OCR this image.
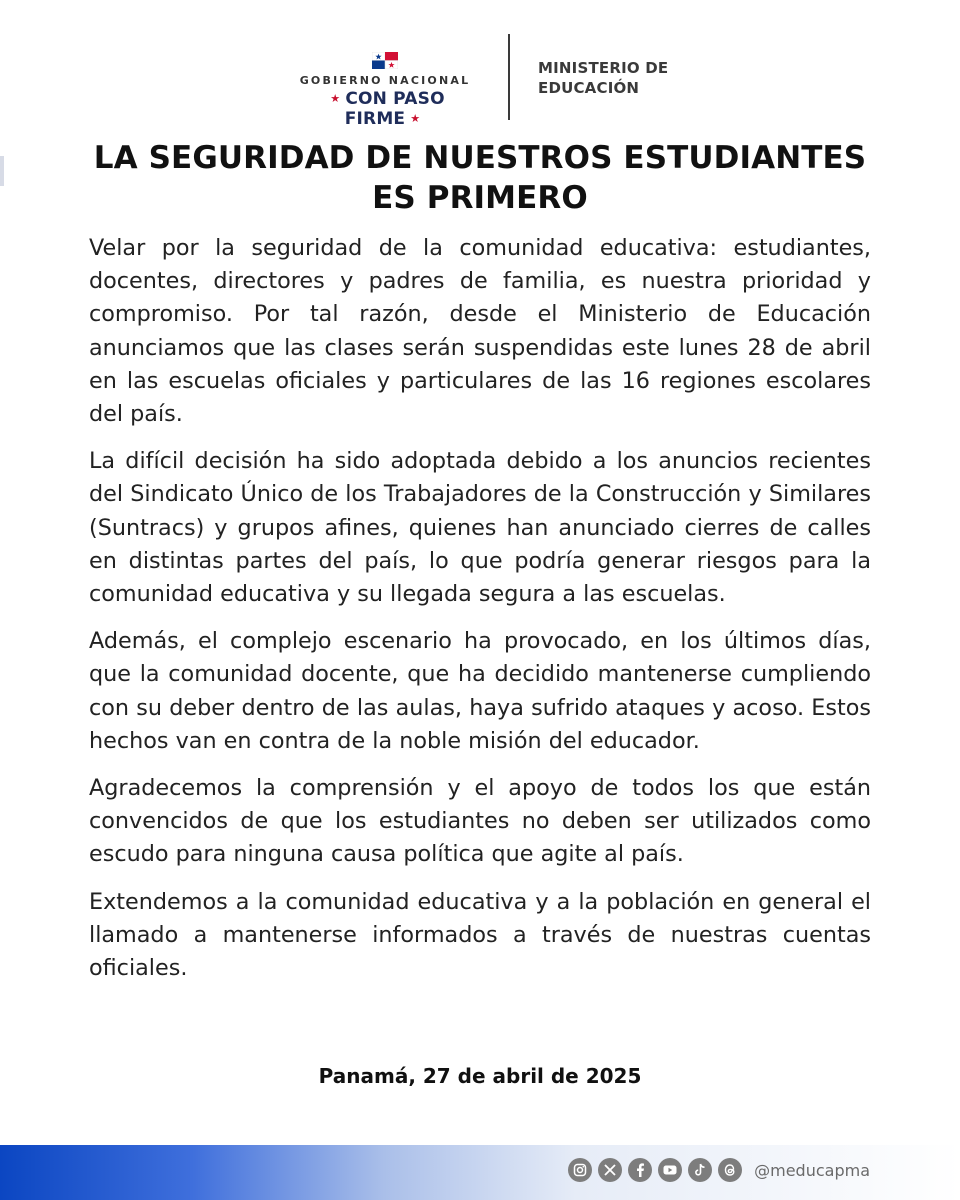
GOBIERNO NACIONAL
★ CON PASO FIRME ★
MINISTERIO DE
EDUCACIÓN
LA SEGURIDAD DE NUESTROS ESTUDIANTES
ES PRIMERO

Velar por la seguridad de la comunidad educativa: estudiantes, docentes, directores y padres de familia, es nuestra prioridad y compromiso. Por tal razón, desde el Ministerio de Educación anunciamos que las clases serán suspendidas este lunes 28 de abril en las escuelas oficiales y particulares de las 16 regiones escolares del país.

La difícil decisión ha sido adoptada debido a los anuncios recientes del Sindicato Único de los Trabajadores de la Construcción y Similares (Suntracs) y grupos afines, quienes han anunciado cierres de calles en distintas partes del país, lo que podría generar riesgos para la comunidad educativa y su llegada segura a las escuelas.

Además, el complejo escenario ha provocado, en los últimos días, que la comunidad docente, que ha decidido mantenerse cumpliendo con su deber dentro de las aulas, haya sufrido ataques y acoso. Estos hechos van en contra de la noble misión del educador.

Agradecemos la comprensión y el apoyo de todos los que están convencidos de que los estudiantes no deben ser utilizados como escudo para ninguna causa política que agite al país.

Extendemos a la comunidad educativa y a la población en general el llamado a mantenerse informados a través de nuestras cuentas oficiales.

Panamá, 27 de abril de 2025
@meducapma
